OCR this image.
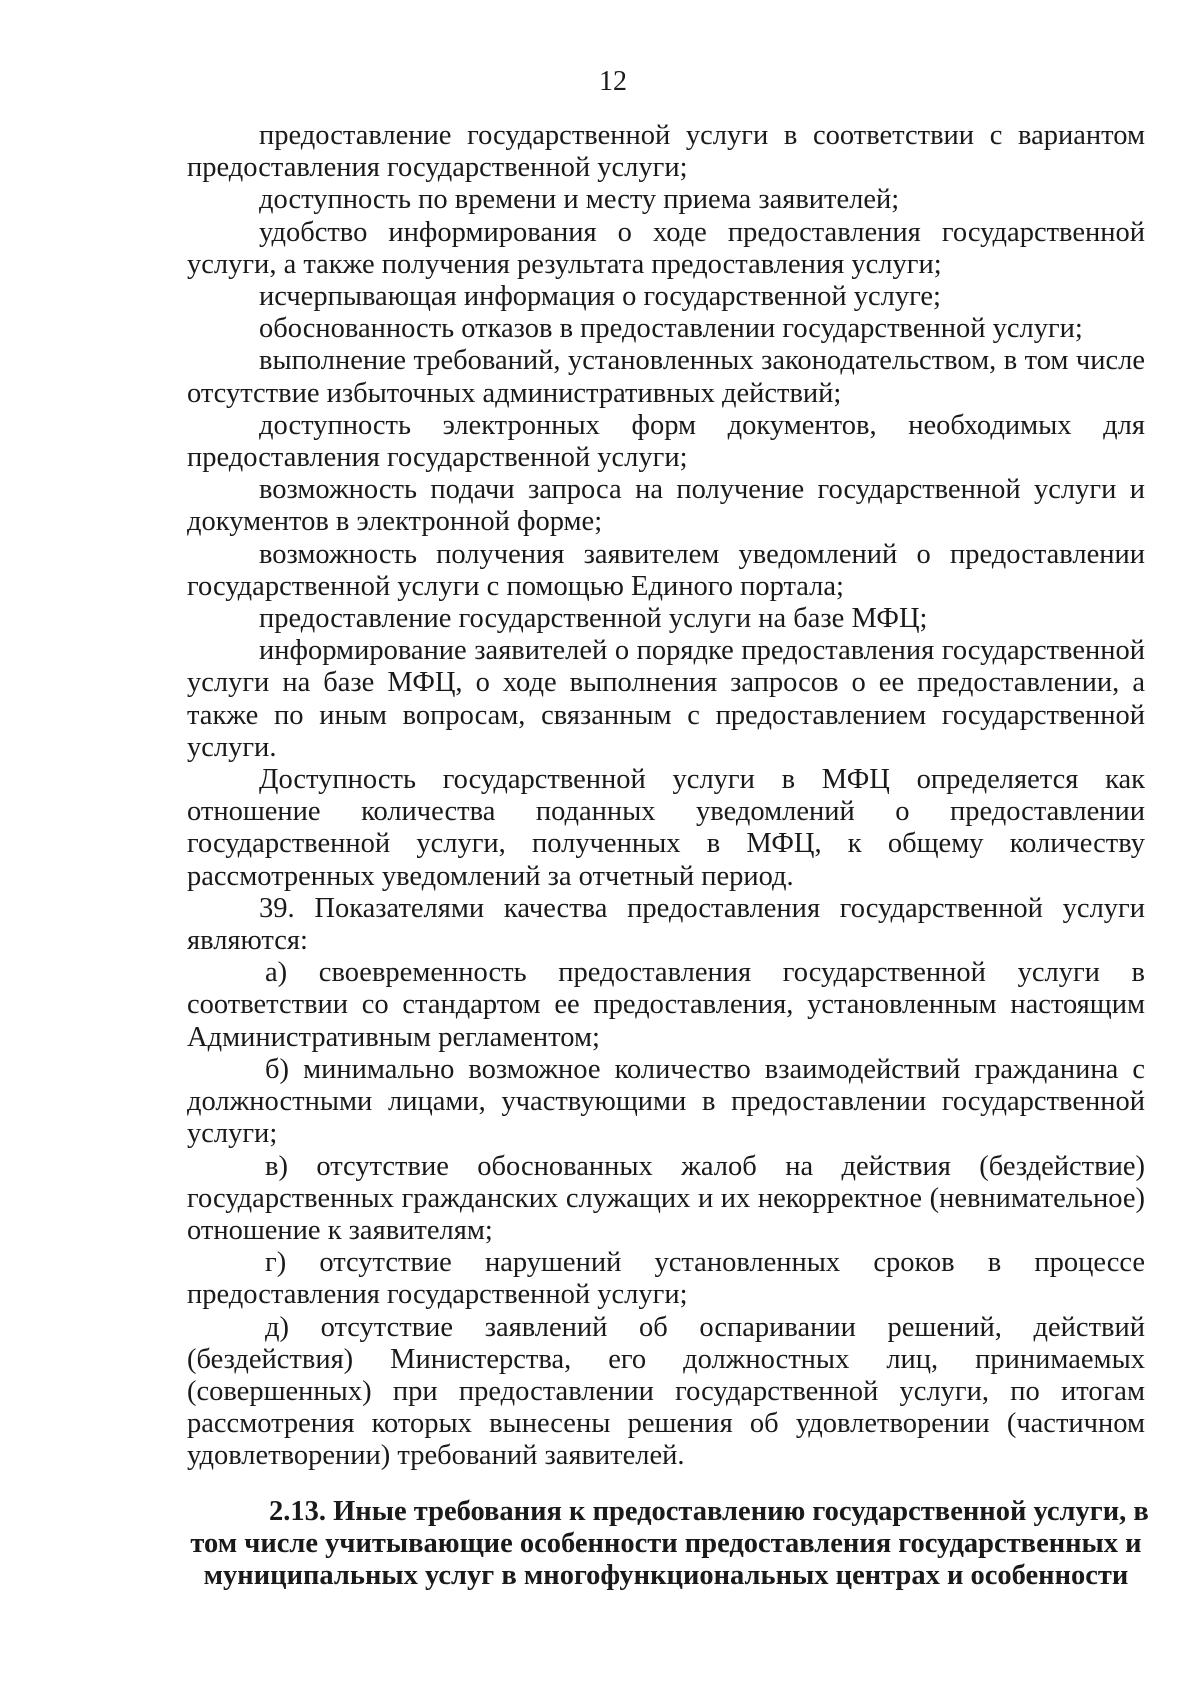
12

предоставление государственной услуги в соответствии с вариантом предоставления государственной услуги;

доступность по времени и месту приема заявителей;

удобство информирования о ходе предоставления государственной услуги, а также получения результата предоставления услуги;

исчерпывающая информация о государственной услуге;

обоснованность отказов в предоставлении государственной услуги;

выполнение требований, установленных законодательством, в том числе отсутствие избыточных административных действий;

доступность электронных форм документов, необходимых для предоставления государственной услуги;

возможность подачи запроса на получение государственной услуги и документов в электронной форме;

возможность получения заявителем уведомлений о предоставлении государственной услуги с помощью Единого портала;

предоставление государственной услуги на базе МФЦ;

информирование заявителей о порядке предоставления государственной услуги на базе МФЦ, о ходе выполнения запросов о ее предоставлении, а также по иным вопросам, связанным с предоставлением государственной услуги.

Доступность государственной услуги в МФЦ определяется как отношение количества поданных уведомлений о предоставлении государственной услуги, полученных в МФЦ, к общему количеству рассмотренных уведомлений за отчетный период.

39. Показателями качества предоставления государственной услуги являются:

а) своевременность предоставления государственной услуги в соответствии со стандартом ее предоставления, установленным настоящим Административным регламентом;

б) минимально возможное количество взаимодействий гражданина с должностными лицами, участвующими в предоставлении государственной услуги;

в) отсутствие обоснованных жалоб на действия (бездействие) государственных гражданских служащих и их некорректное (невнимательное) отношение к заявителям;

г) отсутствие нарушений установленных сроков в процессе предоставления государственной услуги;

д) отсутствие заявлений об оспаривании решений, действий (бездействия) Министерства, его должностных лиц, принимаемых (совершенных) при предоставлении государственной услуги, по итогам рассмотрения которых вынесены решения об удовлетворении (частичном удовлетворении) требований заявителей.

2.13. Иные требования к предоставлению государственной услуги, в
том числе учитывающие особенности предоставления государственных и
муниципальных услуг в многофункциональных центрах и особенности
